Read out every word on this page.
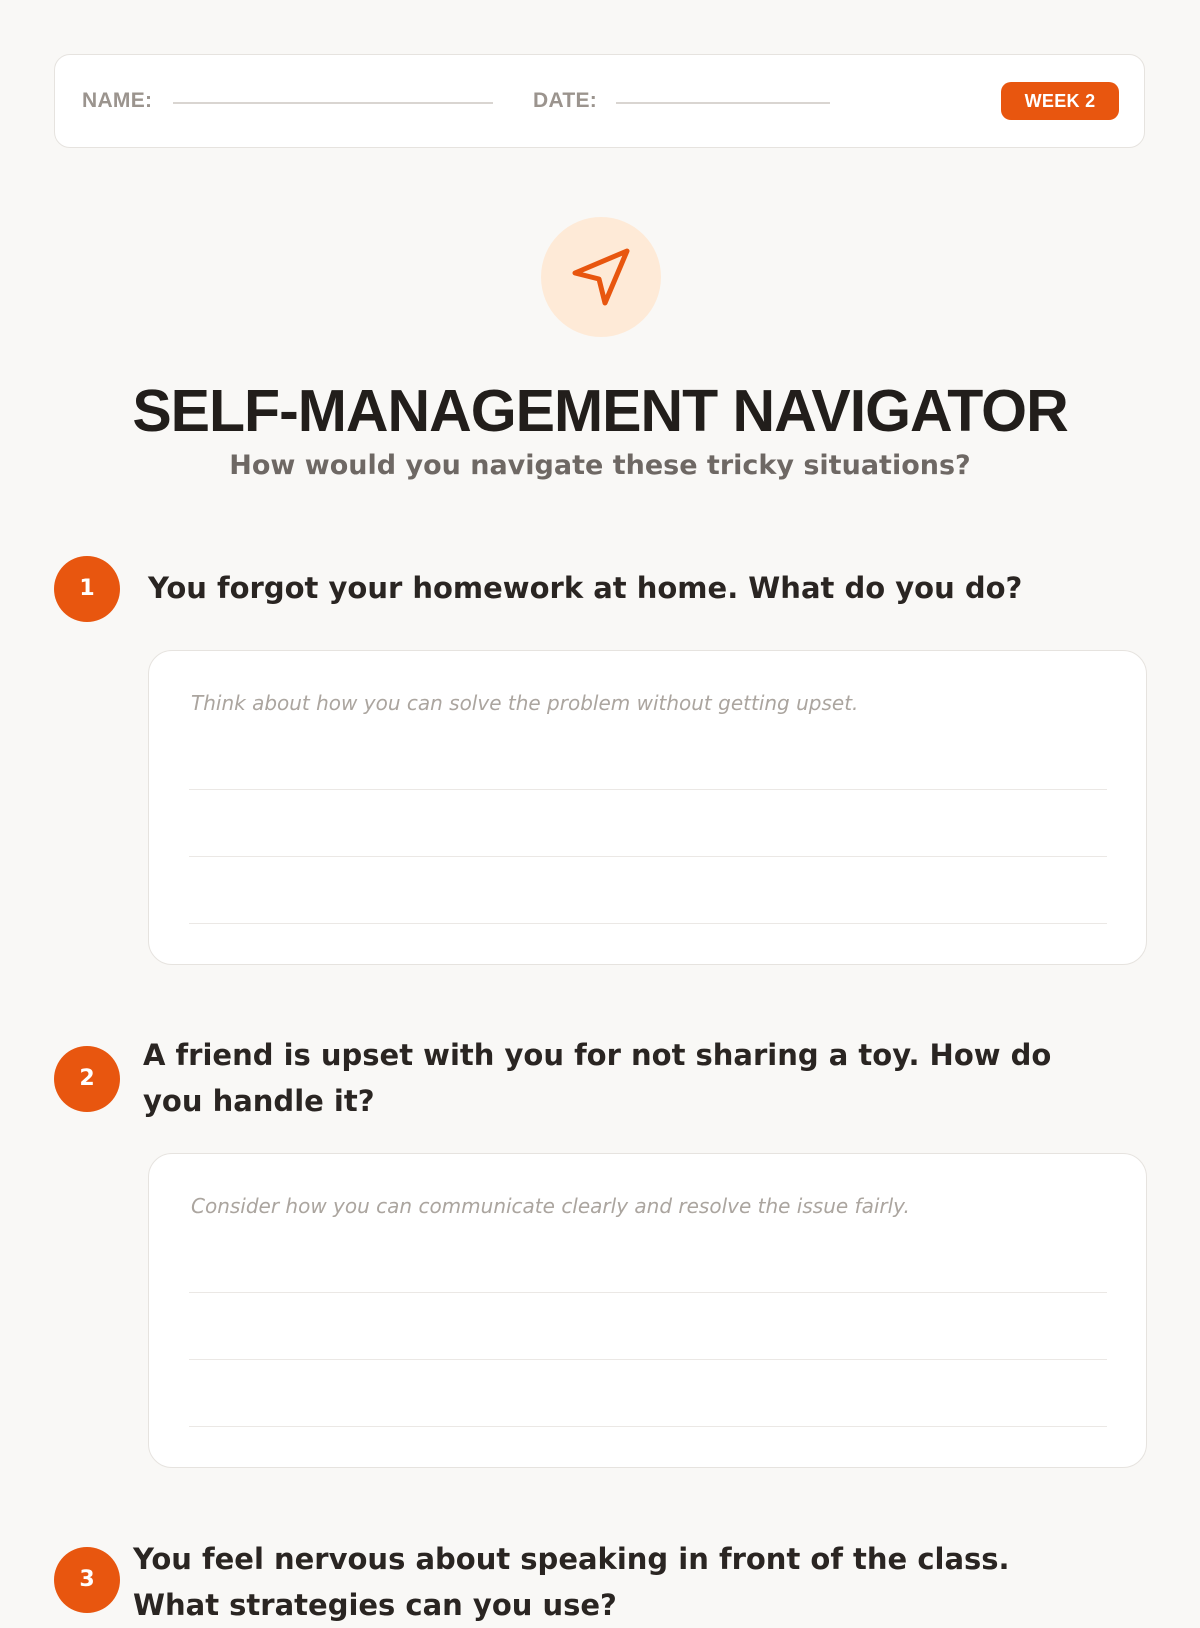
NAME:	DATE:	WEEK 2
SELF-MANAGEMENT NAVIGATOR
How would you navigate these tricky situations?
1	You forgot your homework at home. What do you do?
Think about how you can solve the problem without getting upset.
2
A friend is upset with you for not sharing a toy. How do you handle it?
Consider how you can communicate clearly and resolve the issue fairly.
3
You feel nervous about speaking in front of the class. What strategies can you use?
